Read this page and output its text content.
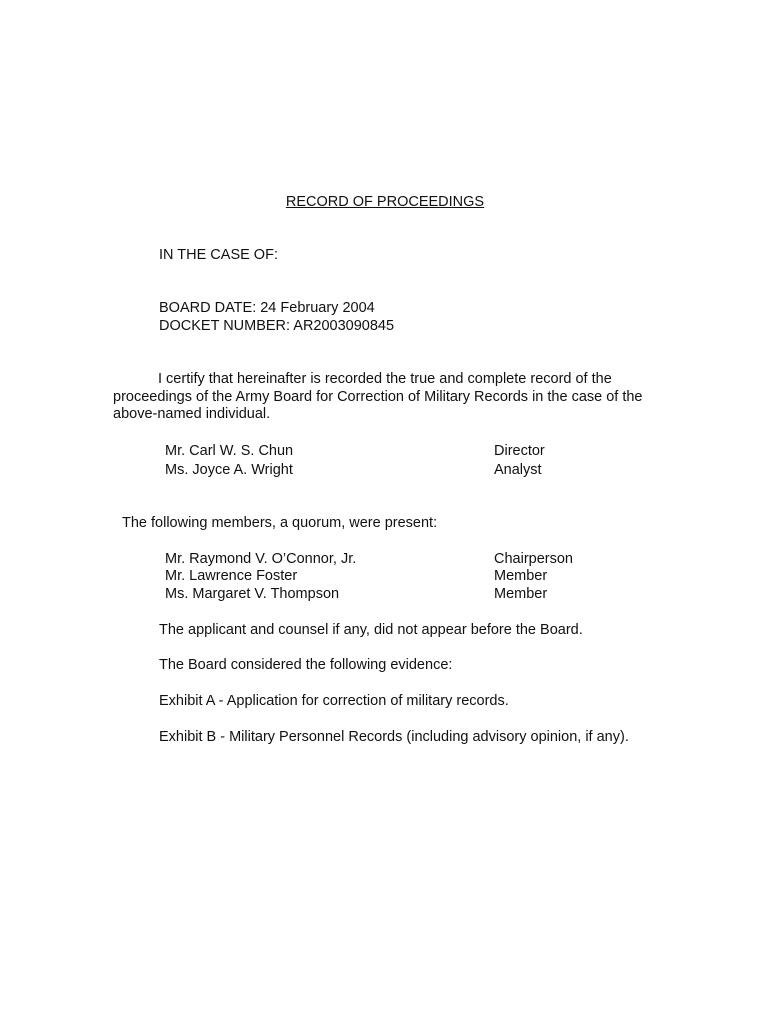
RECORD OF PROCEEDINGS
IN THE CASE OF:
BOARD DATE: 24 February 2004
DOCKET NUMBER: AR2003090845
I certify that hereinafter is recorded the true and complete record of the proceedings of the Army Board for Correction of Military Records in the case of the above-named individual.
Mr. Carl W. S. Chun	Director
Ms. Joyce A. Wright	Analyst
The following members, a quorum, were present:
Mr. Raymond V. O’Connor, Jr.	Chairperson
Mr. Lawrence Foster	Member
Ms. Margaret V. Thompson	Member
The applicant and counsel if any, did not appear before the Board.
The Board considered the following evidence:
Exhibit A - Application for correction of military records.
Exhibit B - Military Personnel Records (including advisory opinion, if any).
